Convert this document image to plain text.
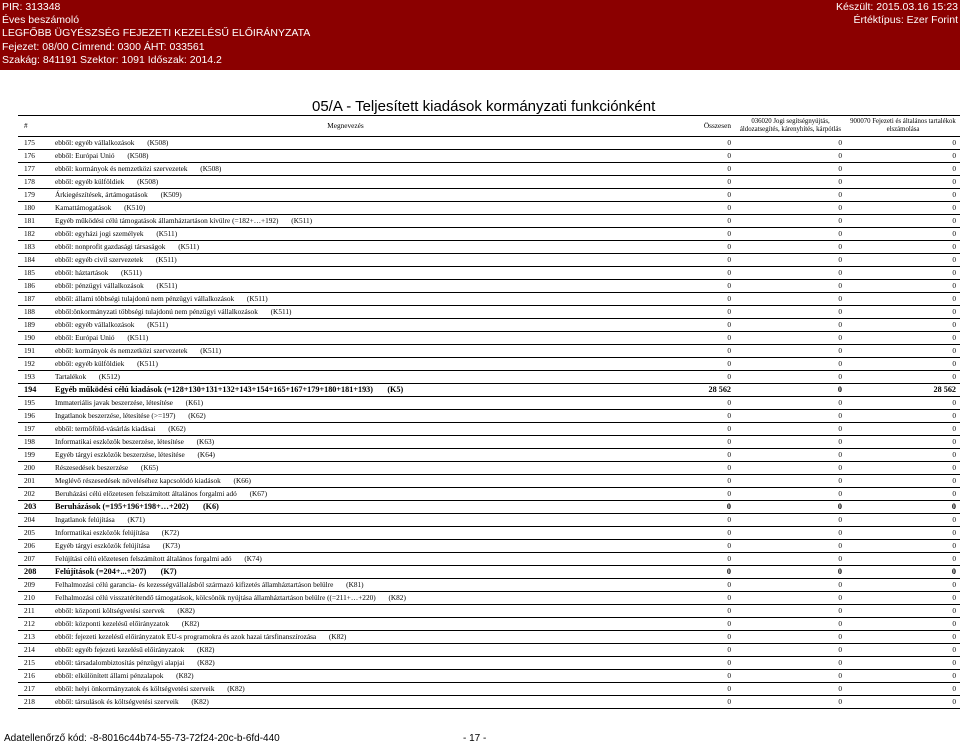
PIR: 313348
Éves beszámoló
LEGFŐBB ÜGYÉSZSÉG FEJEZETI KEZELÉSŰ ELŐIRÁNYZATA
Fejezet: 08/00 Címrend: 0300 ÁHT: 033561
Szakág: 841191 Szektor: 1091 Időszak: 2014.2
Készült: 2015.03.16 15:23
Értéktípus: Ezer Forint
05/A - Teljesített kiadások kormányzati funkciónként
#	Megnevezés	Összesen	036020 Jogi segítségnyújtás, áldozatsegítés, kárenyhítés, kárpótlás	900070 Fejezeti és általános tartalékok elszámolása
175	ebből: egyéb vállalkozások       (K508)	0	0	0
176	ebből: Európai Unió       (K508)	0	0	0
177	ebből: kormányok és nemzetközi szervezetek       (K508)	0	0	0
178	ebből: egyéb külföldiek       (K508)	0	0	0
179	Árkiegészítések, ártámogatások       (K509)	0	0	0
180	Kamattámogatások       (K510)	0	0	0
181	Egyéb működési célú támogatások államháztartáson kívülre (=182+…+192)       (K511)	0	0	0
182	ebből: egyházi jogi személyek       (K511)	0	0	0
183	ebből: nonprofit gazdasági társaságok       (K511)	0	0	0
184	ebből: egyéb civil szervezetek       (K511)	0	0	0
185	ebből: háztartások       (K511)	0	0	0
186	ebből: pénzügyi vállalkozások       (K511)	0	0	0
187	ebből: állami többségi tulajdonú nem pénzügyi vállalkozások       (K511)	0	0	0
188	ebből:önkormányzati többségi tulajdonú nem pénzügyi vállalkozások       (K511)	0	0	0
189	ebből: egyéb vállalkozások       (K511)	0	0	0
190	ebből: Európai Unió       (K511)	0	0	0
191	ebből: kormányok és nemzetközi szervezetek       (K511)	0	0	0
192	ebből: egyéb külföldiek       (K511)	0	0	0
193	Tartalékok       (K512)	0	0	0
194	Egyéb működési célú kiadások (=128+130+131+132+143+154+165+167+179+180+181+193)       (K5)	28 562	0	28 562
195	Immateriális javak beszerzése, létesítése       (K61)	0	0	0
196	Ingatlanok beszerzése, létesítése (>=197)       (K62)	0	0	0
197	ebből: termőföld-vásárlás kiadásai       (K62)	0	0	0
198	Informatikai eszközök beszerzése, létesítése       (K63)	0	0	0
199	Egyéb tárgyi eszközök beszerzése, létesítése       (K64)	0	0	0
200	Részesedések beszerzése       (K65)	0	0	0
201	Meglévő részesedések növeléséhez kapcsolódó kiadások       (K66)	0	0	0
202	Beruházási célú előzetesen felszámított általános forgalmi adó       (K67)	0	0	0
203	Beruházások (=195+196+198+…+202)       (K6)	0	0	0
204	Ingatlanok felújítása       (K71)	0	0	0
205	Informatikai eszközök felújítása       (K72)	0	0	0
206	Egyéb tárgyi eszközök felújítása       (K73)	0	0	0
207	Felújítási célú előzetesen felszámított általános forgalmi adó       (K74)	0	0	0
208	Felújítások (=204+...+207)       (K7)	0	0	0
209	Felhalmozási célú garancia- és kezességvállalásból származó kifizetés államháztartáson belülre       (K81)	0	0	0
210	Felhalmozási célú visszatérítendő támogatások, kölcsönök nyújtása államháztartáson belülre ((=211+…+220)       (K82)	0	0	0
211	ebből: központi költségvetési szervek       (K82)	0	0	0
212	ebből: központi kezelésű előirányzatok       (K82)	0	0	0
213	ebből: fejezeti kezelésű előirányzatok EU-s programokra és azok hazai társfinanszírozása       (K82)	0	0	0
214	ebből: egyéb fejezeti kezelésű előirányzatok       (K82)	0	0	0
215	ebből: társadalombiztosítás pénzügyi alapjai       (K82)	0	0	0
216	ebből: elkülönített állami pénzalapok       (K82)	0	0	0
217	ebből: helyi önkormányzatok és költségvetési szerveik       (K82)	0	0	0
218	ebből: társulások és költségvetési szerveik       (K82)	0	0	0
Adatellenőrző kód: -8-8016c44b74-55-73-72f24-20c-b-6fd-440	- 17 -
